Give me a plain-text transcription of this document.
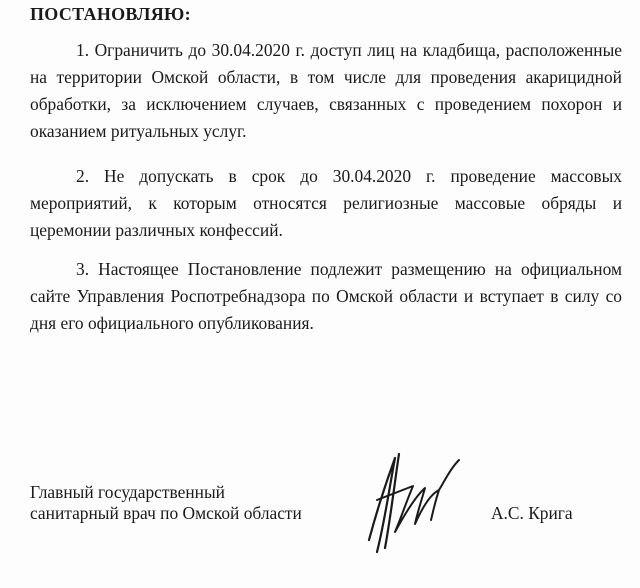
ПОСТАНОВЛЯЮ:
1. Ограничить до 30.04.2020 г. доступ лиц на кладбища, расположенные на территории Омской области, в том числе для проведения акарицидной обработки, за исключением случаев, связанных с проведением похорон и оказанием ритуальных услуг.
2. Не допускать в срок до 30.04.2020 г. проведение массовых мероприятий, к которым относятся религиозные массовые обряды и церемонии различных конфессий.
3. Настоящее Постановление подлежит размещению на официальном сайте Управления Роспотребнадзора по Омской области и вступает в силу со дня его официального опубликования.
Главный государственный
санитарный врач по Омской области	А.С. Крига
